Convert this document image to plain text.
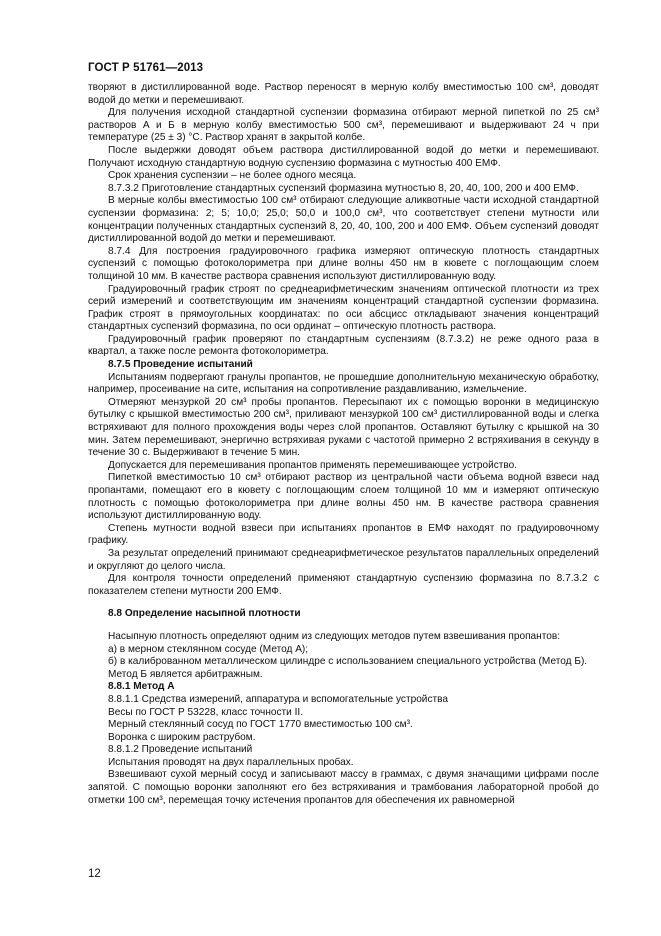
ГОСТ Р 51761—2013

творяют в дистиллированной воде. Раствор переносят в мерную колбу вместимостью 100 см³, доводят водой до метки и перемешивают.

Для получения исходной стандартной суспензии формазина отбирают мерной пипеткой по 25 см³ растворов А и Б в мерную колбу вместимостью 500 см³, перемешивают и выдерживают 24 ч при температуре (25 ± 3) °С. Раствор хранят в закрытой колбе.

После выдержки доводят объем раствора дистиллированной водой до метки и перемешивают. Получают исходную стандартную водную суспензию формазина с мутностью 400 ЕМФ.

Срок хранения суспензии – не более одного месяца.

8.7.3.2 Приготовление стандартных суспензий формазина мутностью 8, 20, 40, 100, 200 и 400 ЕМФ.

В мерные колбы вместимостью 100 см³ отбирают следующие аликвотные части исходной стандартной суспензии формазина: 2; 5; 10,0; 25,0; 50,0 и 100,0 см³, что соответствует степени мутности или концентрации полученных стандартных суспензий 8, 20, 40, 100, 200 и 400 ЕМФ. Объем суспензий доводят дистиллированной водой до метки и перемешивают.

8.7.4 Для построения градуировочного графика измеряют оптическую плотность стандартных суспензий с помощью фотоколориметра при длине волны 450 нм в кювете с поглощающим слоем толщиной 10 мм. В качестве раствора сравнения используют дистиллированную воду.

Градуировочный график строят по среднеарифметическим значениям оптической плотности из трех серий измерений и соответствующим им значениям концентраций стандартной суспензии формазина. График строят в прямоугольных координатах: по оси абсцисс откладывают значения концентраций стандартных суспензий формазина, по оси ординат – оптическую плотность раствора.

Градуировочный график проверяют по стандартным суспензиям (8.7.3.2) не реже одного раза в квартал, а также после ремонта фотоколориметра.

8.7.5 Проведение испытаний

Испытаниям подвергают гранулы пропантов, не прошедшие дополнительную механическую обработку, например, просеивание на сите, испытания на сопротивление раздавливанию, измельчение.

Отмеряют мензуркой 20 см³ пробы пропантов. Пересыпают их с помощью воронки в медицинскую бутылку с крышкой вместимостью 200 см³, приливают мензуркой 100 см³ дистиллированной воды и слегка встряхивают для полного прохождения воды через слой пропантов. Оставляют бутылку с крышкой на 30 мин. Затем перемешивают, энергично встряхивая руками с частотой примерно 2 встряхивания в секунду в течение 30 с. Выдерживают в течение 5 мин.

Допускается для перемешивания пропантов применять перемешивающее устройство.

Пипеткой вместимостью 10 см³ отбирают раствор из центральной части объема водной взвеси над пропантами, помещают его в кювету с поглощающим слоем толщиной 10 мм и измеряют оптическую плотность с помощью фотоколориметра при длине волны 450 нм. В качестве раствора сравнения используют дистиллированную воду.

Степень мутности водной взвеси при испытаниях пропантов в ЕМФ находят по градуировочному графику.

За результат определений принимают среднеарифметическое результатов параллельных определений и округляют до целого числа.

Для контроля точности определений применяют стандартную суспензию формазина по 8.7.3.2 с показателем степени мутности 200 ЕМФ.

8.8 Определение насыпной плотности

Насыпную плотность определяют одним из следующих методов путем взвешивания пропантов:

а) в мерном стеклянном сосуде (Метод А);

б) в калиброванном металлическом цилиндре с использованием специального устройства (Метод Б).

Метод Б является арбитражным.

8.8.1 Метод А

8.8.1.1 Средства измерений, аппаратура и вспомогательные устройства

Весы по ГОСТ Р 53228, класс точности II.

Мерный стеклянный сосуд по ГОСТ 1770 вместимостью 100 см³.

Воронка с широким раструбом.

8.8.1.2 Проведение испытаний

Испытания проводят на двух параллельных пробах.

Взвешивают сухой мерный сосуд и записывают массу в граммах, с двумя значащими цифрами после запятой. С помощью воронки заполняют его без встряхивания и трамбования лабораторной пробой до отметки 100 см³, перемещая точку истечения пропантов для обеспечения их равномерной

12
